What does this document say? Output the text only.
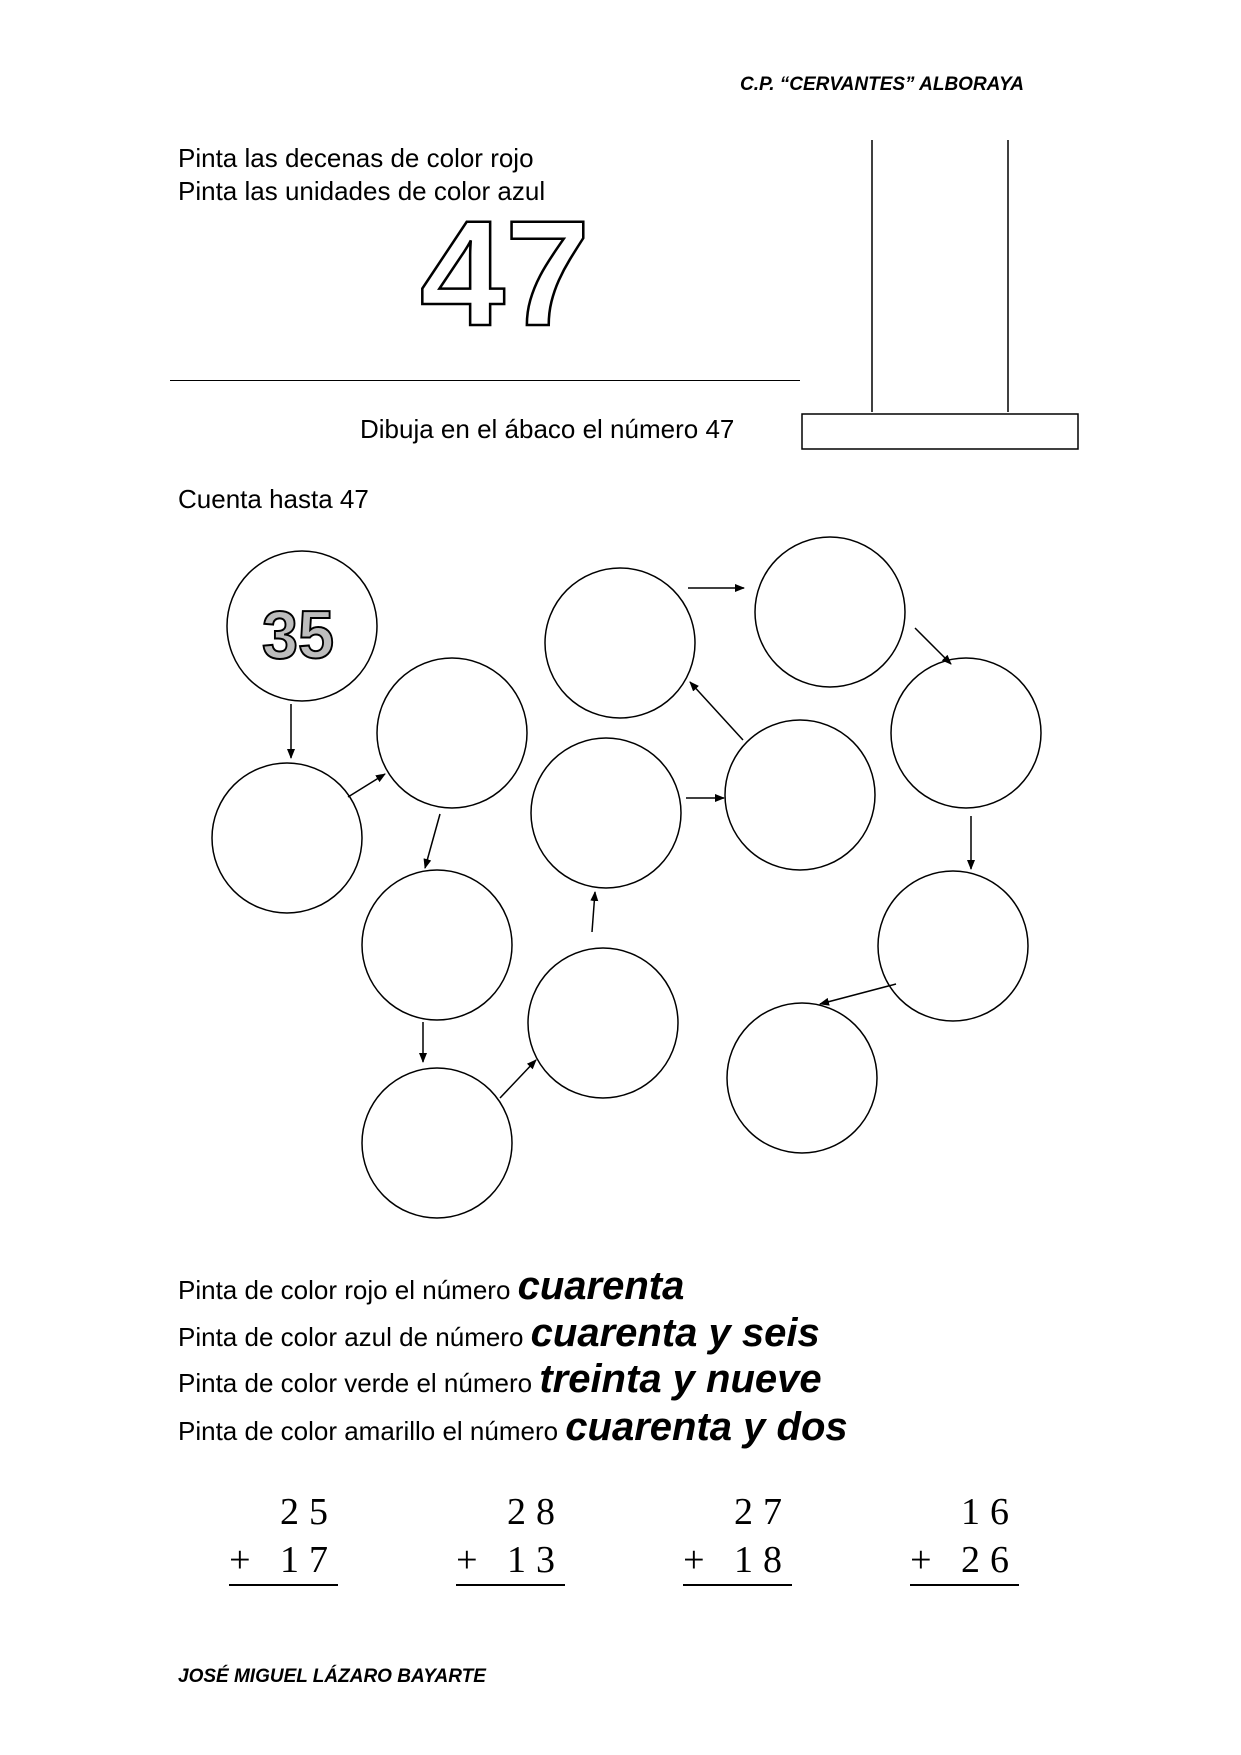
C.P. “CERVANTES” ALBORAYA
Pinta las decenas de color rojo
Pinta las unidades de color azul
47
Dibuja en el ábaco el número 47
Cuenta hasta 47
35
Pinta de color rojo el número cuarenta
Pinta de color azul de número cuarenta y seis
Pinta de color verde el número treinta y nueve
Pinta de color amarillo el número cuarenta y dos
25
+ 17
28
+ 13
27
+ 18
16
+ 26
JOSÉ MIGUEL LÁZARO BAYARTE
